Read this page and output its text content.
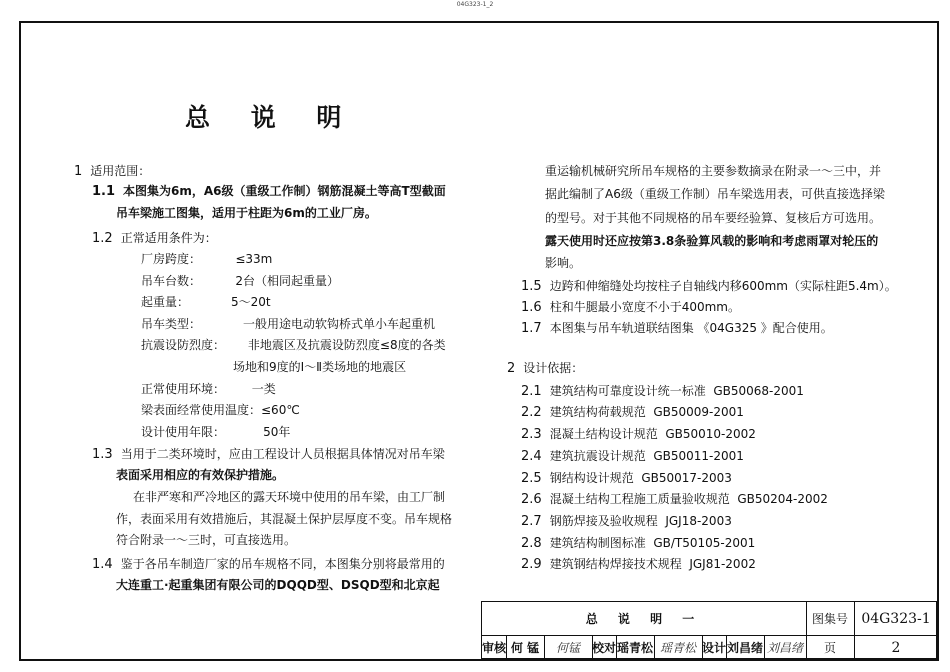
04G323-1_2
总 说 明
1 适用范围：
1.1 本图集为6m，A6级（重级工作制）钢筋混凝土等高T型截面
吊车梁施工图集，适用于柱距为6m的工业厂房。
1.2 正常适用条件为：
厂房跨度：         ≤33m
吊车台数：         2台（相同起重量）
起重量：           5～20t
吊车类型：           一般用途电动软钩桥式单小车起重机
抗震设防烈度：      非地震区及抗震设防烈度≤8度的各类
场地和9度的Ⅰ～Ⅱ类场地的地震区
正常使用环境：       一类
梁表面经常使用温度：≤60℃
设计使用年限：          50年
1.3 当用于二类环境时，应由工程设计人员根据具体情况对吊车梁
表面采用相应的有效保护措施。
在非严寒和严冷地区的露天环境中使用的吊车梁，由工厂制
作，表面采用有效措施后，其混凝土保护层厚度不变。吊车规格
符合附录一～三时，可直接选用。
1.4 鉴于各吊车制造厂家的吊车规格不同，本图集分别将最常用的
大连重工·起重集团有限公司的DQQD型、DSQD型和北京起
重运输机械研究所吊车规格的主要参数摘录在附录一～三中，并
据此编制了A6级（重级工作制）吊车梁选用表，可供直接选择梁
的型号。对于其他不同规格的吊车要经验算、复核后方可选用。
露天使用时还应按第3.8条验算风载的影响和考虑雨罩对轮压的
影响。
1.5 边跨和伸缩缝处均按柱子自轴线内移600mm（实际柱距5.4m）。
1.6 柱和牛腿最小宽度不小于400mm。
1.7 本图集与吊车轨道联结图集 《04G325 》配合使用。
2 设计依据：
2.1 建筑结构可靠度设计统一标准  GB50068-2001
2.2 建筑结构荷载规范  GB50009-2001
2.3 混凝土结构设计规范  GB50010-2002
2.4 建筑抗震设计规范  GB50011-2001
2.5 钢结构设计规范  GB50017-2003
2.6 混凝土结构工程施工质量验收规范  GB50204-2002
2.7 钢筋焊接及验收规程  JGJ18-2003
2.8 建筑结构制图标准  GB/T50105-2001
2.9 建筑钢结构焊接技术规程  JGJ81-2002
总 说 明 一	图集号 04G323-1
审核 何 锰	何锰	校对 瑶青松 瑶青松 设计 刘昌绪 刘昌绪	页	2
